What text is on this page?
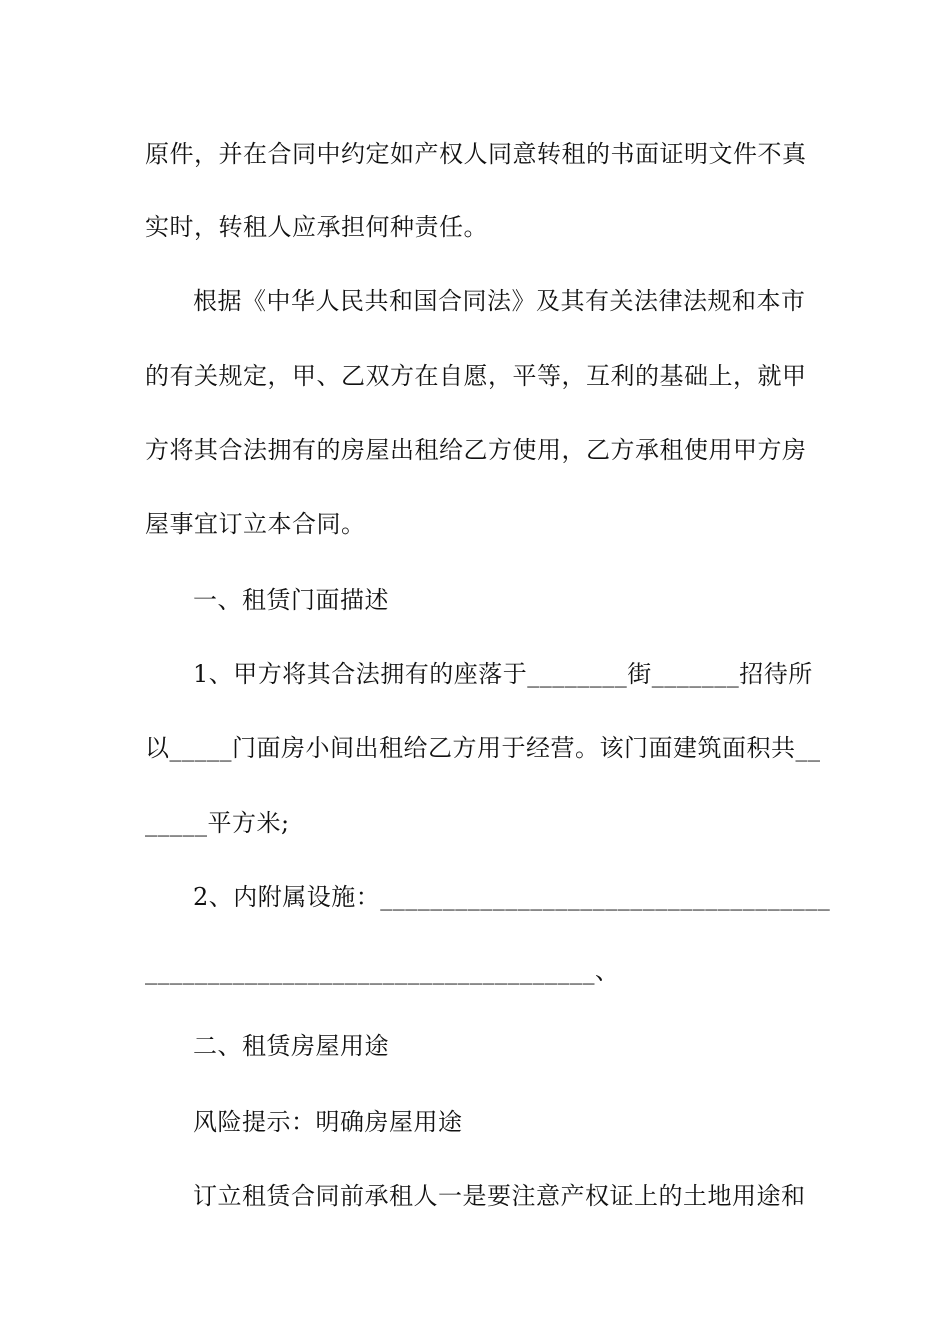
原件，并在合同中约定如产权人同意转租的书面证明文件不真
实时，转租人应承担何种责任。
根据《中华人民共和国合同法》及其有关法律法规和本市
的有关规定，甲、乙双方在自愿，平等，互利的基础上，就甲
方将其合法拥有的房屋出租给乙方使用，乙方承租使用甲方房
屋事宜订立本合同。
一、租赁门面描述
1、甲方将其合法拥有的座落于________街_______招待所
以_____门面房小间出租给乙方用于经营。该门面建筑面积共__
_____平方米;
2、内附属设施：____________________________________
____________________________________、
二、租赁房屋用途
风险提示：明确房屋用途
订立租赁合同前承租人一是要注意产权证上的土地用途和
